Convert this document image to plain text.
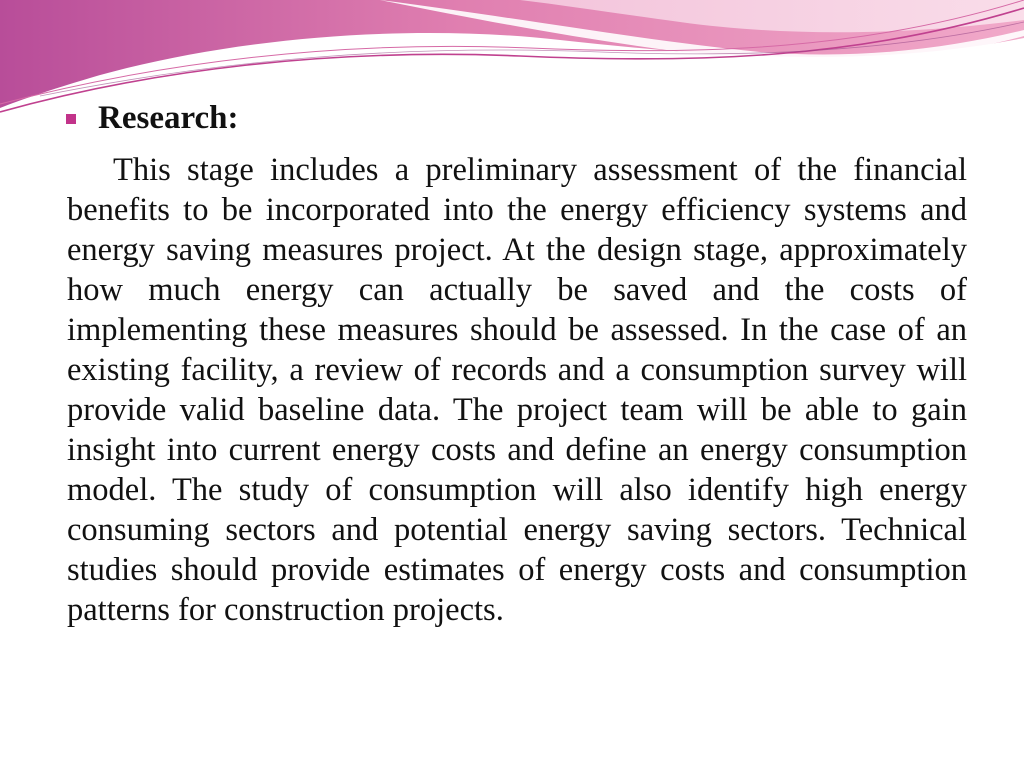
Research:

This stage includes a preliminary assessment of the financial benefits to be incorporated into the energy efficiency systems and energy saving measures project. At the design stage, approximately how much energy can actually be saved and the costs of implementing these measures should be assessed. In the case of an existing facility, a review of records and a consumption survey will provide valid baseline data. The project team will be able to gain insight into current energy costs and define an energy consumption model. The study of consumption will also identify high energy consuming sectors and potential energy saving sectors. Technical studies should provide estimates of energy costs and consumption patterns for construction projects.
